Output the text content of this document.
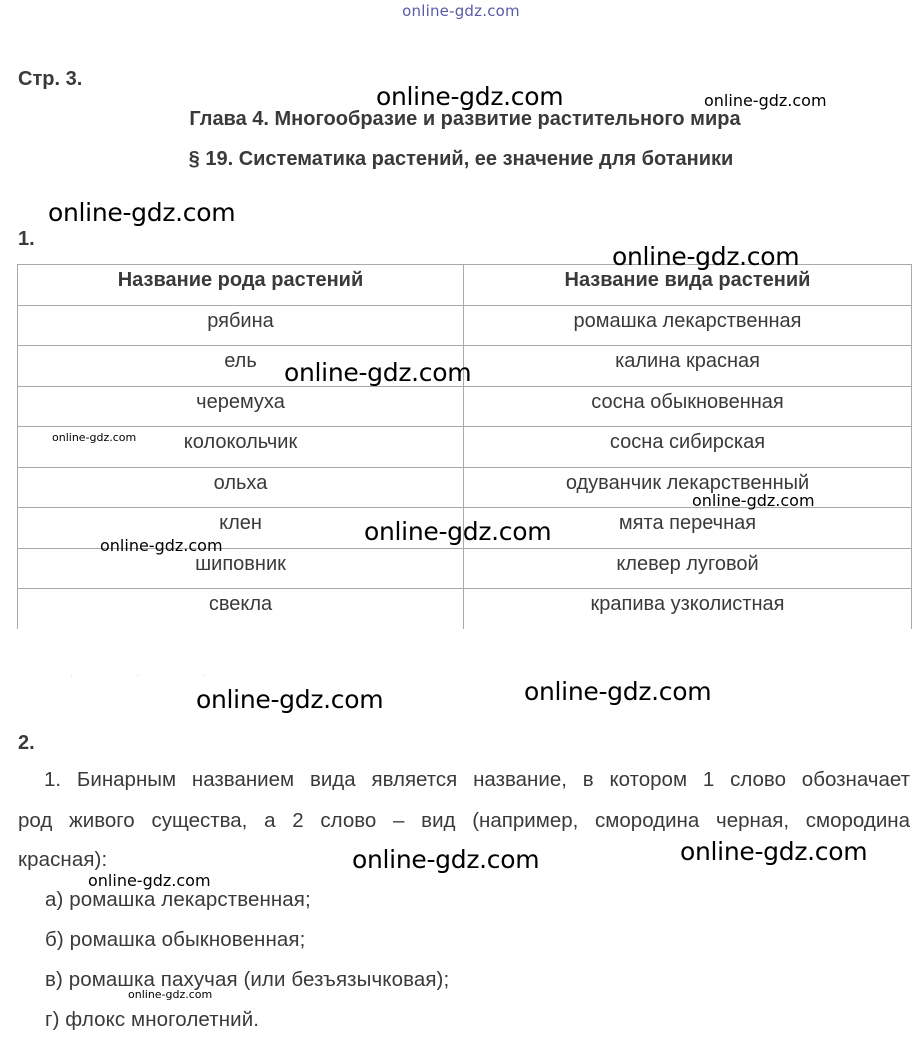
online-gdz.com
Стр. 3.
Глава 4. Многообразие и развитие растительного мира
§ 19. Систематика растений, ее значение для ботаники
1.
Название рода растений	Название вида растений
рябина	ромашка лекарственная
ель	калина красная
черемуха	сосна обыкновенная
колокольчик	сосна сибирская
ольха	одуванчик лекарственный
клен	мята перечная
шиповник	клевер луговой
свекла	крапива узколистная
· · ·
2.
1. Бинарным названием вида является название, в котором 1 слово обозначает
род живого существа, а 2 слово – вид (например, смородина черная, смородина
красная):
а) ромашка лекарственная;
б) ромашка обыкновенная;
в) ромашка пахучая (или безъязычковая);
г) флокс многолетний.
online-gdz.com	online-gdz.com
online-gdz.com
online-gdz.com
online-gdz.com
online-gdz.com
online-gdz.com
online-gdz.com
online-gdz.com
online-gdz.com
online-gdz.com
online-gdz.com
online-gdz.com
online-gdz.com
online-gdz.com
